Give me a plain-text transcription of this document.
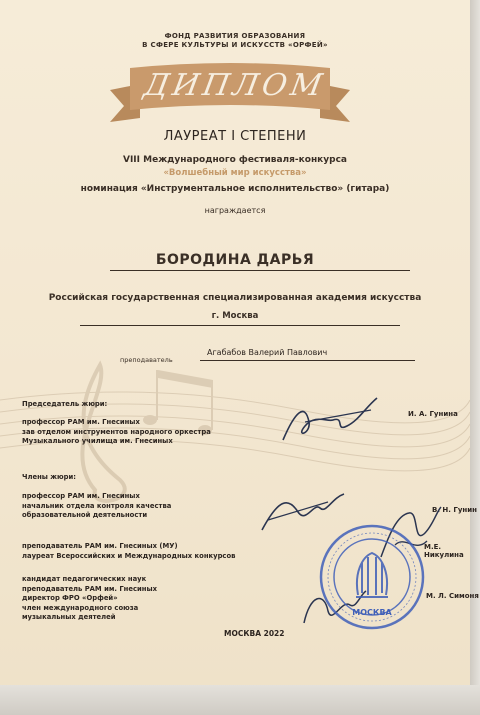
ФОНД РАЗВИТИЯ ОБРАЗОВАНИЯ
В СФЕРЕ КУЛЬТУРЫ И ИСКУССТВ «ОРФЕЙ»
ДИПЛОМ
ЛАУРЕАТ I СТЕПЕНИ
VIII Международного фестиваля-конкурса
«Волшебный мир искусства»
номинация «Инструментальное исполнительство» (гитара)
награждается
БОРОДИНА ДАРЬЯ
Российская государственная специализированная академия искусства
г. Москва
преподаватель
Агабабов Валерий Павлович
Председатель жюри:
профессор РАМ им. Гнесиных
зав отделом инструментов народного оркестра
Музыкального училища им. Гнесиных
И. А. Гунина
Члены жюри:
профессор РАМ им. Гнесиных
начальник отдела контроля качества
образовательной деятельности
В. Н. Гунин
преподаватель РАМ им. Гнесиных (МУ)
лауреат Всероссийских и Международных конкурсов
М.Е. Никулина
кандидат педагогических наук
преподаватель РАМ им. Гнесиных
директор ФРО «Орфей»
член международного союза
музыкальных деятелей
М. Л. Симоня
МОСКВА 2022
МОСКВА
